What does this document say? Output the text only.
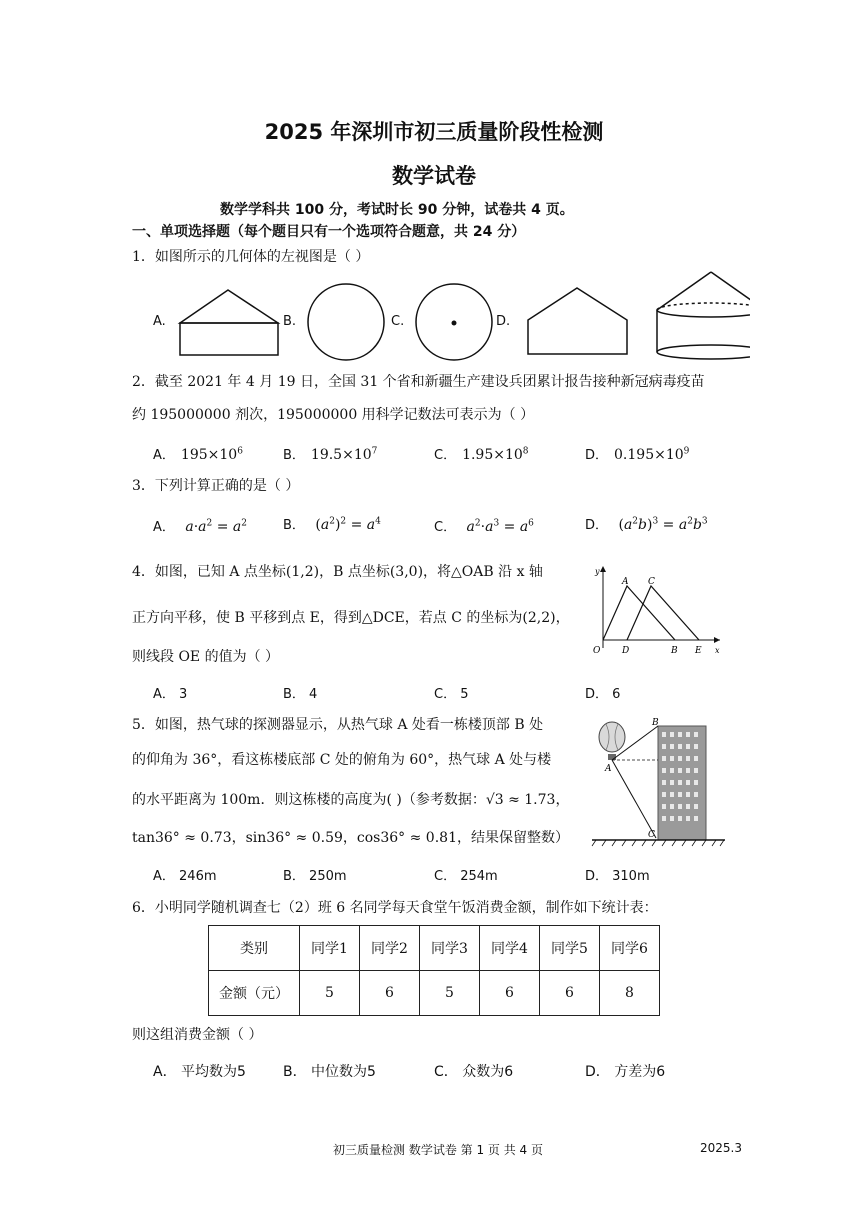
2025 年深圳市初三质量阶段性检测
数学试卷
数学学科共 100 分，考试时长 90 分钟，试卷共 4 页。
一、单项选择题（每个题目只有一个选项符合题意，共 24 分）
1．如图所示的几何体的左视图是（ ）
A.	B.	C.	D.
2．截至 2021 年 4 月 19 日，全国 31 个省和新疆生产建设兵团累计报告接种新冠病毒疫苗
约 195000000 剂次，195000000 用科学记数法可表示为（ ）
A． $195\times 10^6$	B． $19.5\times 10^7$	C． $1.95\times 10^8$	D． $0.195\times 10^9$
3．下列计算正确的是（ ）
A． $a\cdot a^2 = a^2$	B． $(a^2)^2 = a^4$	C． $a^2\cdot a^3 = a^6$	D． $(a^2b)^3 = a^2b^3$
4．如图，已知 A 点坐标(1,2)，B 点坐标(3,0)，将△OAB 沿 x 轴
正方向平移，使 B 平移到点 E，得到△DCE，若点 C 的坐标为(2,2)，
则线段 OE 的值为（ ）
y
A C
O D	B E x
A． 3	B． 4	C． 5	D． 6
5．如图，热气球的探测器显示，从热气球 A 处看一栋楼顶部 B 处
的仰角为 36°，看这栋楼底部 C 处的俯角为 60°，热气球 A 处与楼
的水平距离为 100m．则这栋楼的高度为( )（参考数据：√3 ≈ 1.73，
tan36° ≈ 0.73，sin36° ≈ 0.59，cos36° ≈ 0.81，结果保留整数）
B
A
C
A． 246m	B． 250m	C． 254m	D． 310m
6．小明同学随机调查七（2）班 6 名同学每天食堂午饭消费金额，制作如下统计表：
类别	同学1	同学2	同学3	同学4	同学5	同学6
金额（元）	5	6	5	6	6	8
则这组消费金额（ ）
A． 平均数为5	B． 中位数为5	C． 众数为6	D． 方差为6
初三质量检测 数学试卷 第 1 页 共 4 页	2025.3
